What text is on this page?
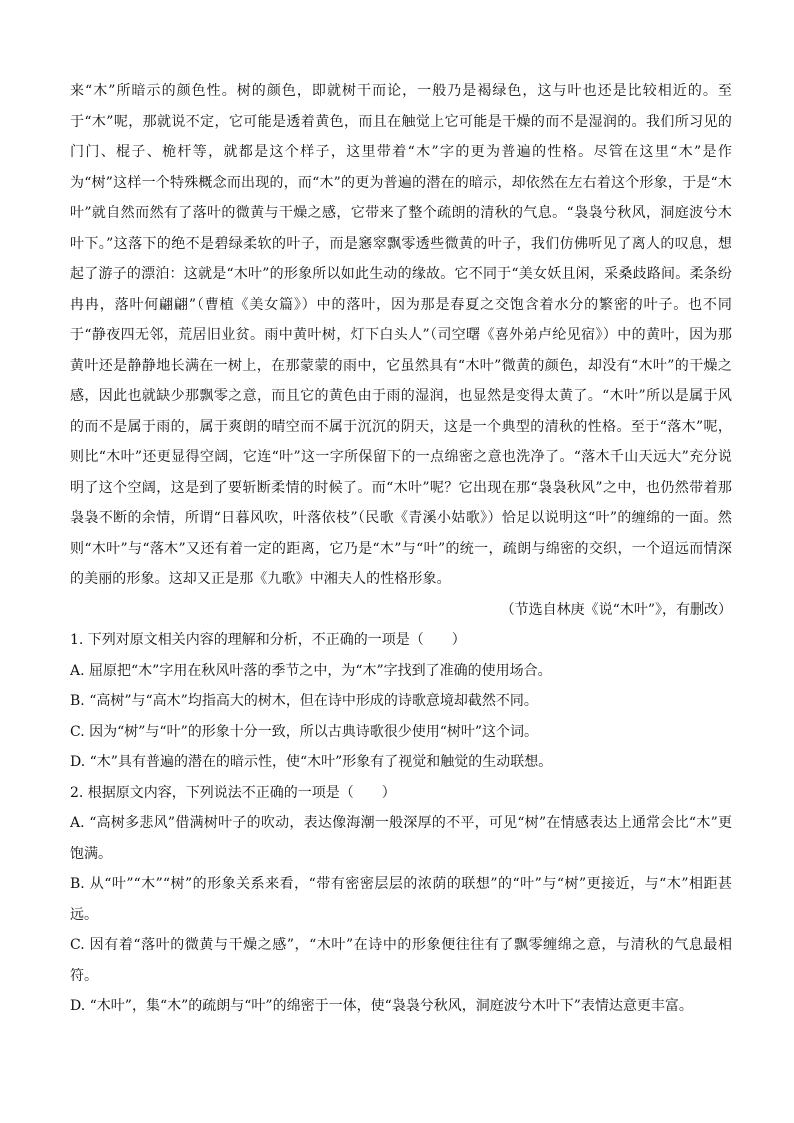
来“木”所暗示的颜色性。树的颜色，即就树干而论，一般乃是褐绿色，这与叶也还是比较相近的。至于“木”呢，那就说不定，它可能是透着黄色，而且在触觉上它可能是干燥的而不是湿润的。我们所习见的门门、棍子、桅杆等，就都是这个样子，这里带着“木”字的更为普遍的性格。尽管在这里“木”是作为“树”这样一个特殊概念而出现的，而“木”的更为普遍的潜在的暗示，却依然在左右着这个形象，于是“木叶”就自然而然有了落叶的微黄与干燥之感，它带来了整个疏朗的清秋的气息。“袅袅兮秋风，洞庭波兮木叶下。”这落下的绝不是碧绿柔软的叶子，而是窸窣飘零透些微黄的叶子，我们仿佛听见了离人的叹息，想起了游子的漂泊：这就是“木叶”的形象所以如此生动的缘故。它不同于“美女妖且闲，采桑歧路间。柔条纷冉冉，落叶何翩翩”（曹植《美女篇》）中的落叶，因为那是春夏之交饱含着水分的繁密的叶子。也不同于“静夜四无邻，荒居旧业贫。雨中黄叶树，灯下白头人”（司空曙《喜外弟卢纶见宿》）中的黄叶，因为那黄叶还是静静地长满在一树上，在那蒙蒙的雨中，它虽然具有“木叶”微黄的颜色，却没有“木叶”的干燥之感，因此也就缺少那飘零之意，而且它的黄色由于雨的湿润，也显然是变得太黄了。“木叶”所以是属于风的而不是属于雨的，属于爽朗的晴空而不属于沉沉的阴天，这是一个典型的清秋的性格。至于“落木”呢，则比“木叶”还更显得空阔，它连“叶”这一字所保留下的一点绵密之意也洗净了。“落木千山天远大”充分说明了这个空阔，这是到了要斩断柔情的时候了。而“木叶”呢？它出现在那“袅袅秋风”之中，也仍然带着那袅袅不断的余情，所谓“日暮风吹，叶落依枝”（民歌《青溪小姑歌》）恰足以说明这“叶”的缠绵的一面。然则“木叶”与“落木”又还有着一定的距离，它乃是“木”与“叶”的统一，疏朗与绵密的交织，一个迢远而情深的美丽的形象。这却又正是那《九歌》中湘夫人的性格形象。

（节选自林庚《说“木叶”》，有删改）

1. 下列对原文相关内容的理解和分析，不正确的一项是（　　）

A. 屈原把“木”字用在秋风叶落的季节之中，为“木”字找到了准确的使用场合。

B. “高树”与“高木”均指高大的树木，但在诗中形成的诗歌意境却截然不同。

C. 因为“树”与“叶”的形象十分一致，所以古典诗歌很少使用“树叶”这个词。

D. “木”具有普遍的潜在的暗示性，使“木叶”形象有了视觉和触觉的生动联想。

2. 根据原文内容，下列说法不正确的一项是（　　）

A. “高树多悲风”借满树叶子的吹动，表达像海潮一般深厚的不平，可见“树”在情感表达上通常会比“木”更饱满。

B. 从“叶”“木”“树”的形象关系来看，“带有密密层层的浓荫的联想”的“叶”与“树”更接近，与“木”相距甚远。

C. 因有着“落叶的微黄与干燥之感”，“木叶”在诗中的形象便往往有了飘零缠绵之意，与清秋的气息最相符。

D. “木叶”，集“木”的疏朗与“叶”的绵密于一体，使“袅袅兮秋风，洞庭波兮木叶下”表情达意更丰富。
